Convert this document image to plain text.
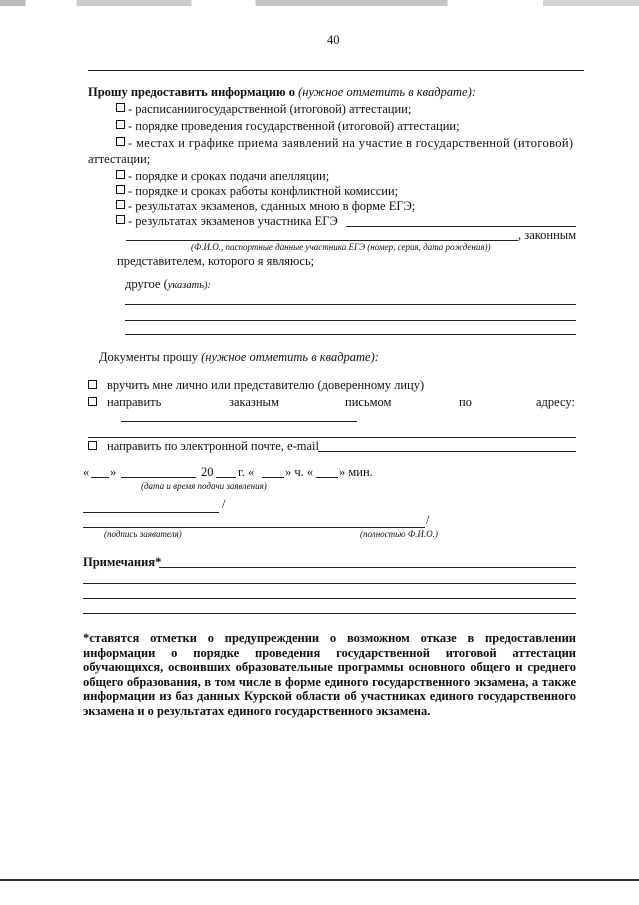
40
Прошу предоставить информацию о (нужное отметить в квадрате):
- расписаниигосударственной (итоговой) аттестации;
- порядке проведения государственной (итоговой) аттестации;
- местах и графике приема заявлений на участие в государственной (итоговой)
аттестации;
- порядке и сроках подачи апелляции;
- порядке и сроках работы конфликтной комиссии;
- результатах экзаменов, сданных мною в форме ЕГЭ;
- результатах экзаменов участника ЕГЭ
, законным
(Ф.И.О., паспортные данные участника ЕГЭ (номер, серия, дата рождения))
представителем, которого я являюсь;
другое (указать):
Документы прошу (нужное отметить в квадрате):
вручить мне лично или представителю (доверенному лицу)
направить	заказным	письмом	по	адресу:
направить по электронной почте, e-mail
« »	20 г. « » ч. « » мин.
(дата и время подачи заявления)
/
/
(подпись заявителя)	(полностью Ф.И.О.)
Примечания*
*ставятся отметки о предупреждении о возможном отказе в предоставлении информации о порядке проведения государственной итоговой аттестации обучающихся, освоивших образовательные программы основного общего и среднего общего образования, в том числе в форме единого государственного экзамена, а также информации из баз данных Курской области об участниках единого государственного экзамена и о результатах единого государственного экзамена.
